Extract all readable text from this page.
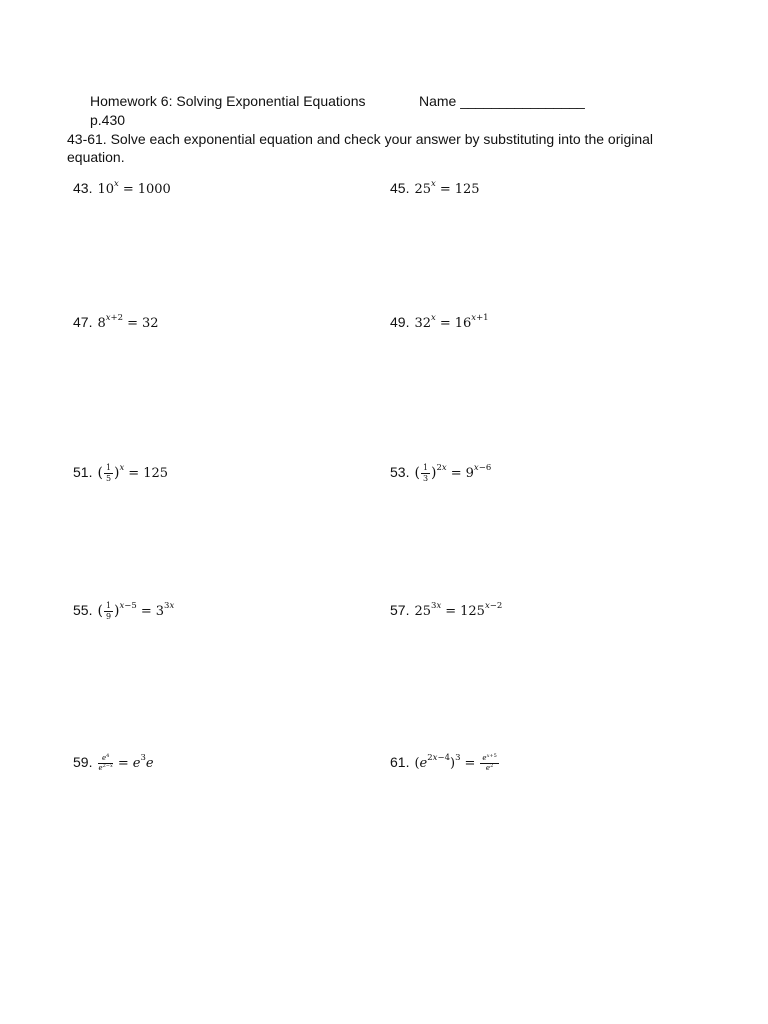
Homework 6: Solving Exponential Equations	Name ________________
p.430
43-61. Solve each exponential equation and check your answer by substituting into the original equation.
43. $10^x = 1000$	45. $25^x = 125$
47. $8^{x+2} = 32$	49. $32^x = 16^{x+1}$
51. ( $\frac{1}{5} )^x = 125$	53. ( $\frac{1}{3} )^{2x} = 9^{x-6}$
55. ( $\frac{1}{9} )^{x-5} = 3^{3x}$	57. $25^{3x} = 125^{x-2}$
59. $\frac{e^4}{e^{2-x}} = e^3e$	61. $(e^{2x-4})^3 = \frac{e^{x+5}}{e^2}$
